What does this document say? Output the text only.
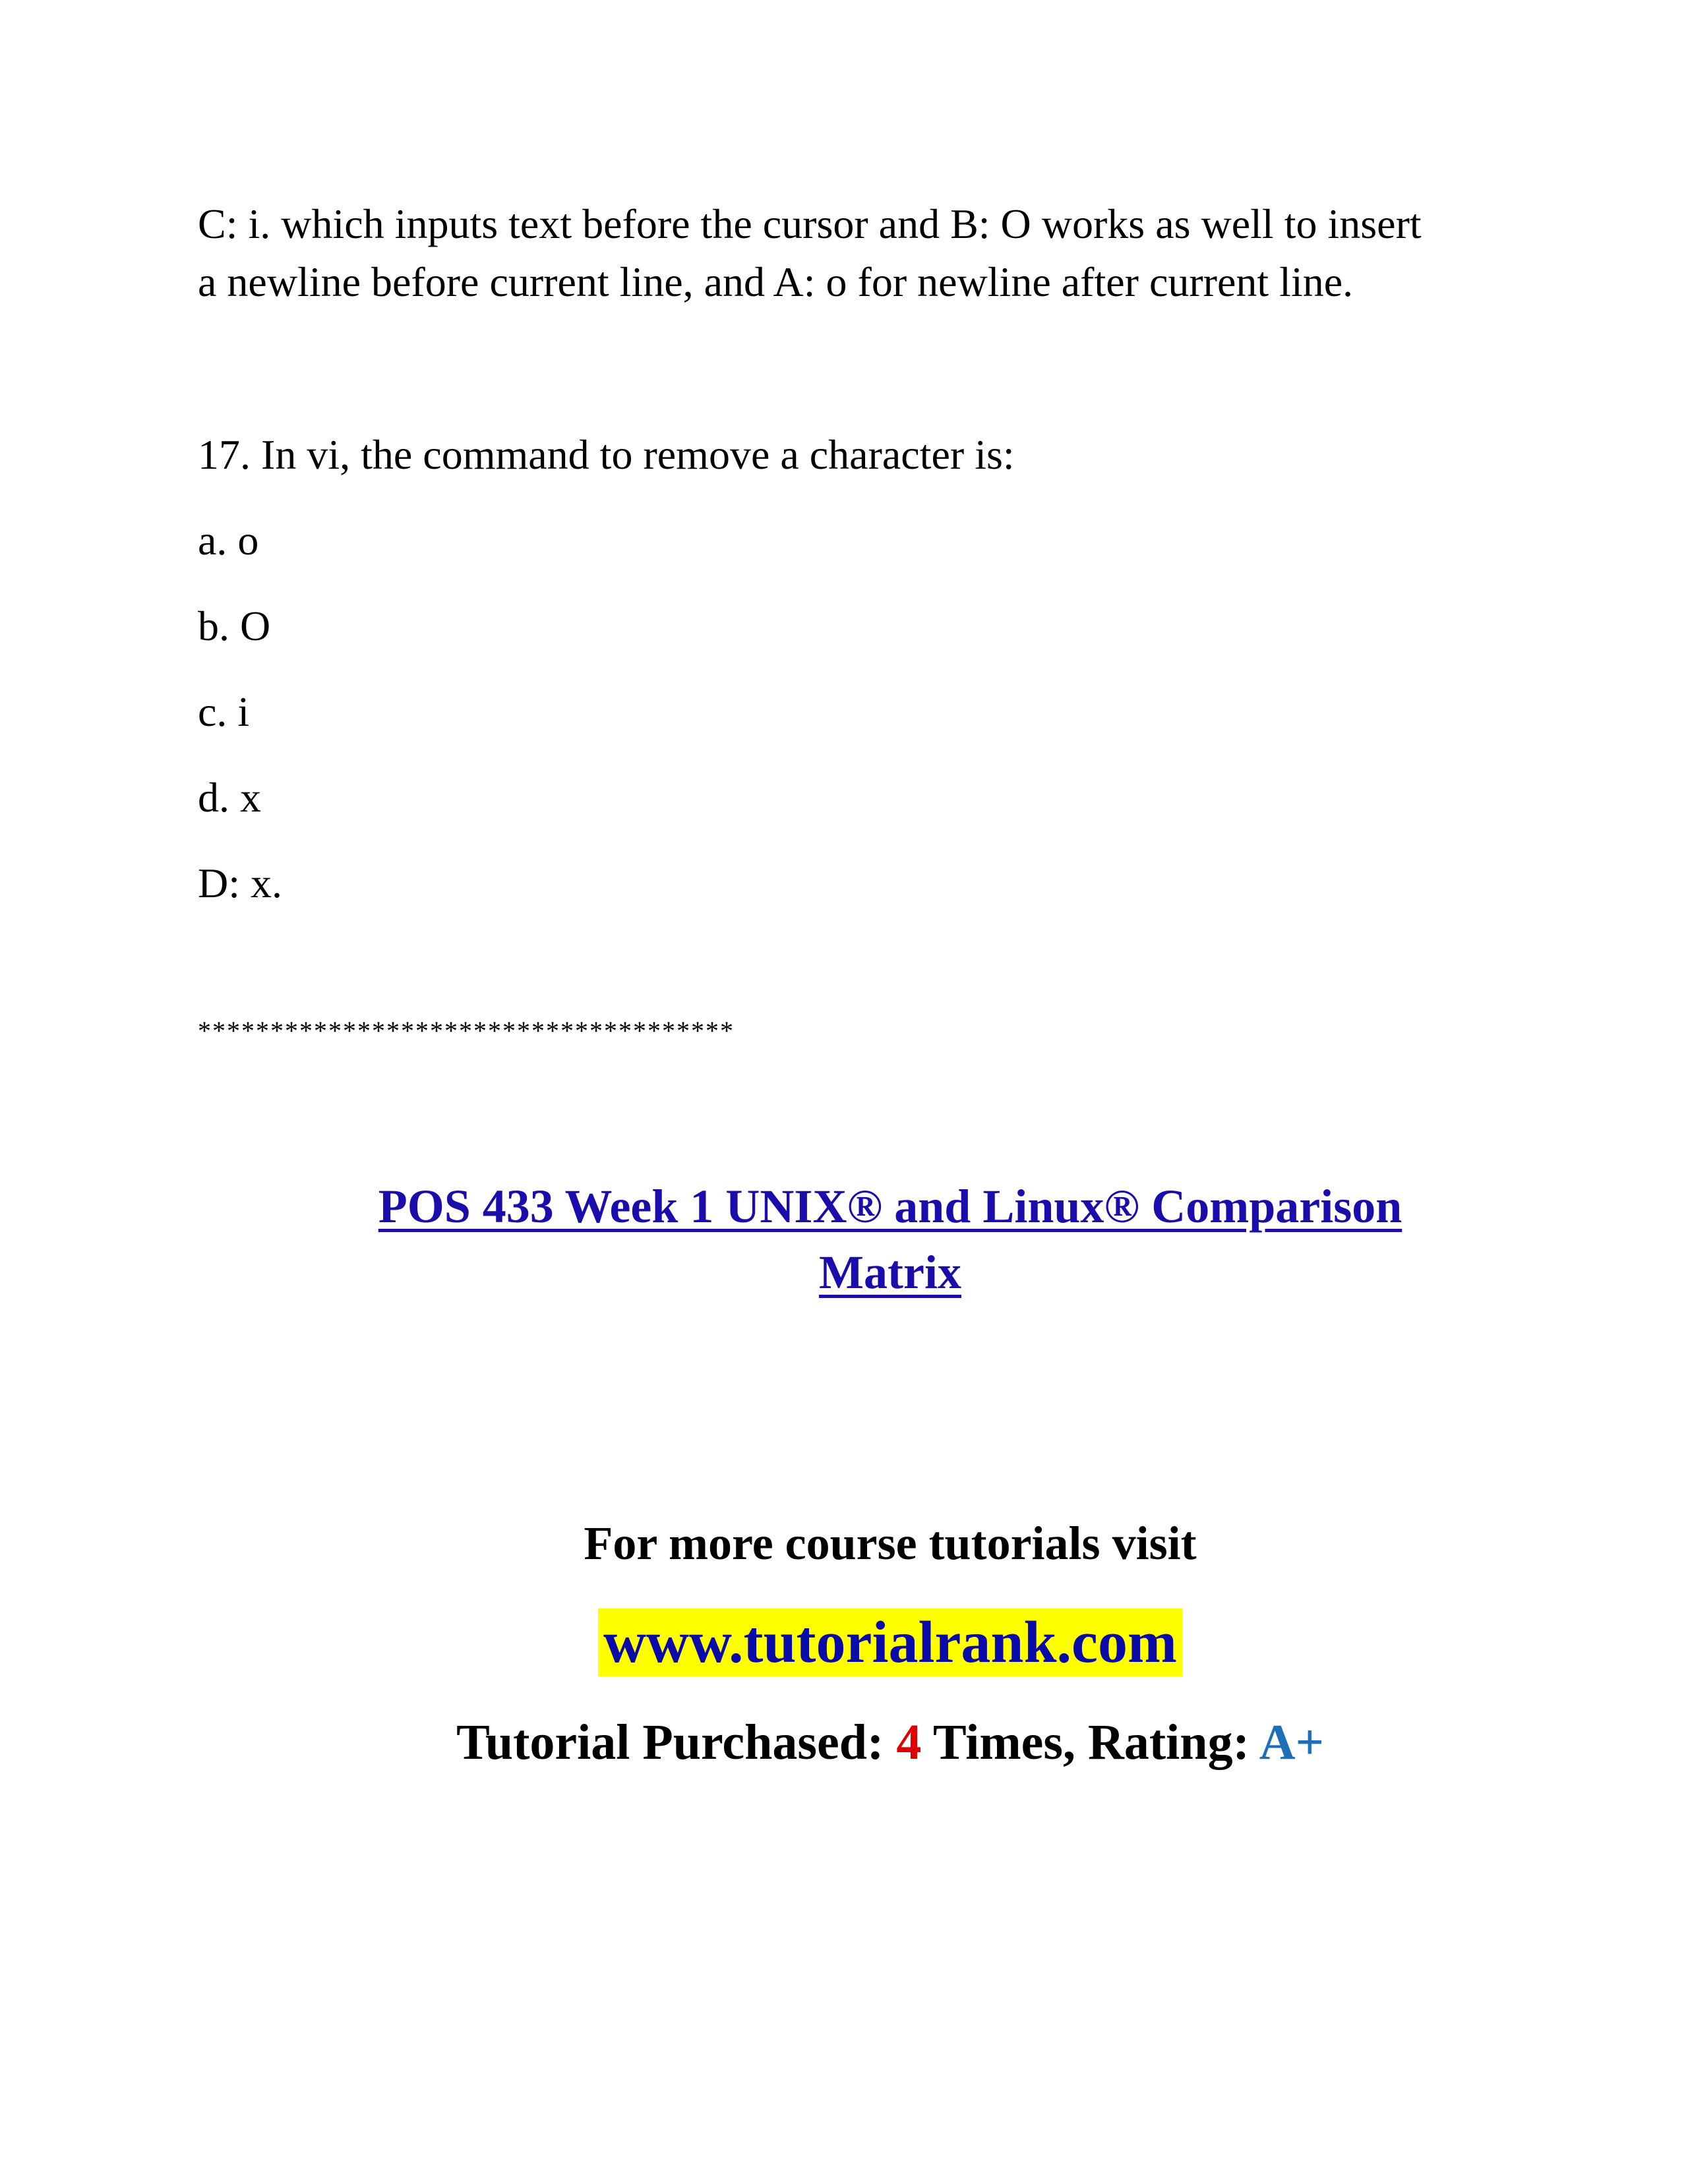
C: i. which inputs text before the cursor and B: O works as well to insert
a newline before current line, and A: o for newline after current line.
17. In vi, the command to remove a character is:
a. o
b. O
c. i
d. x
D: x.
*************************************
POS 433 Week 1 UNIX® and Linux® Comparison
Matrix
For more course tutorials visit
www.tutorialrank.com
Tutorial Purchased: 4 Times, Rating: A+
